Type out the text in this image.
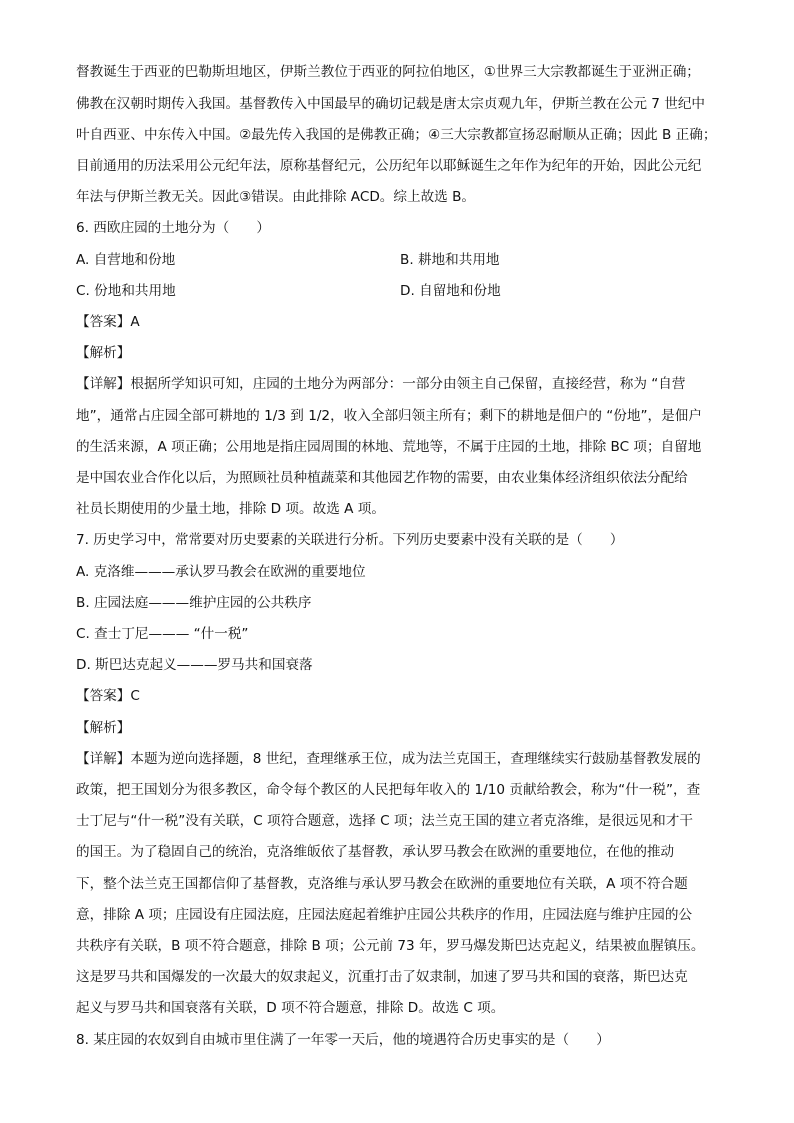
督教诞生于西亚的巴勒斯坦地区，伊斯兰教位于西亚的阿拉伯地区，①世界三大宗教都诞生于亚洲正确；
佛教在汉朝时期传入我国。基督教传入中国最早的确切记载是唐太宗贞观九年，伊斯兰教在公元 7 世纪中
叶自西亚、中东传入中国。②最先传入我国的是佛教正确；④三大宗教都宣扬忍耐顺从正确；因此 B 正确；
目前通用的历法采用公元纪年法，原称基督纪元，公历纪年以耶稣诞生之年作为纪年的开始，因此公元纪
年法与伊斯兰教无关。因此③错误。由此排除 ACD。综上故选 B。
6. 西欧庄园的土地分为（　　）
A. 自营地和份地	B. 耕地和共用地
C. 份地和共用地	D. 自留地和份地
【答案】A
【解析】
【详解】根据所学知识可知，庄园的土地分为两部分：一部分由领主自己保留，直接经营，称为 “自营
地”，通常占庄园全部可耕地的 1/3 到 1/2，收入全部归领主所有；剩下的耕地是佃户的 “份地”，是佃户
的生活来源，A 项正确；公用地是指庄园周围的林地、荒地等，不属于庄园的土地，排除 BC 项；自留地
是中国农业合作化以后，为照顾社员种植蔬菜和其他园艺作物的需要，由农业集体经济组织依法分配给
社员长期使用的少量土地，排除 D 项。故选 A 项。
7. 历史学习中，常常要对历史要素的关联进行分析。下列历史要素中没有关联的是（　　）
A. 克洛维———承认罗马教会在欧洲的重要地位
B. 庄园法庭———维护庄园的公共秩序
C. 查士丁尼——— “什一税”
D. 斯巴达克起义———罗马共和国衰落
【答案】C
【解析】
【详解】本题为逆向选择题，8 世纪，查理继承王位，成为法兰克国王，查理继续实行鼓励基督教发展的
政策，把王国划分为很多教区，命令每个教区的人民把每年收入的 1/10 贡献给教会，称为“什一税”，查
士丁尼与“什一税”没有关联，C 项符合题意，选择 C 项；法兰克王国的建立者克洛维，是很远见和才干
的国王。为了稳固自己的统治，克洛维皈依了基督教，承认罗马教会在欧洲的重要地位，在他的推动
下，整个法兰克王国都信仰了基督教，克洛维与承认罗马教会在欧洲的重要地位有关联，A 项不符合题
意，排除 A 项；庄园设有庄园法庭，庄园法庭起着维护庄园公共秩序的作用，庄园法庭与维护庄园的公
共秩序有关联，B 项不符合题意，排除 B 项；公元前 73 年，罗马爆发斯巴达克起义，结果被血腥镇压。
这是罗马共和国爆发的一次最大的奴隶起义，沉重打击了奴隶制，加速了罗马共和国的衰落，斯巴达克
起义与罗马共和国衰落有关联，D 项不符合题意，排除 D。故选 C 项。
8. 某庄园的农奴到自由城市里住满了一年零一天后，他的境遇符合历史事实的是（　　）
